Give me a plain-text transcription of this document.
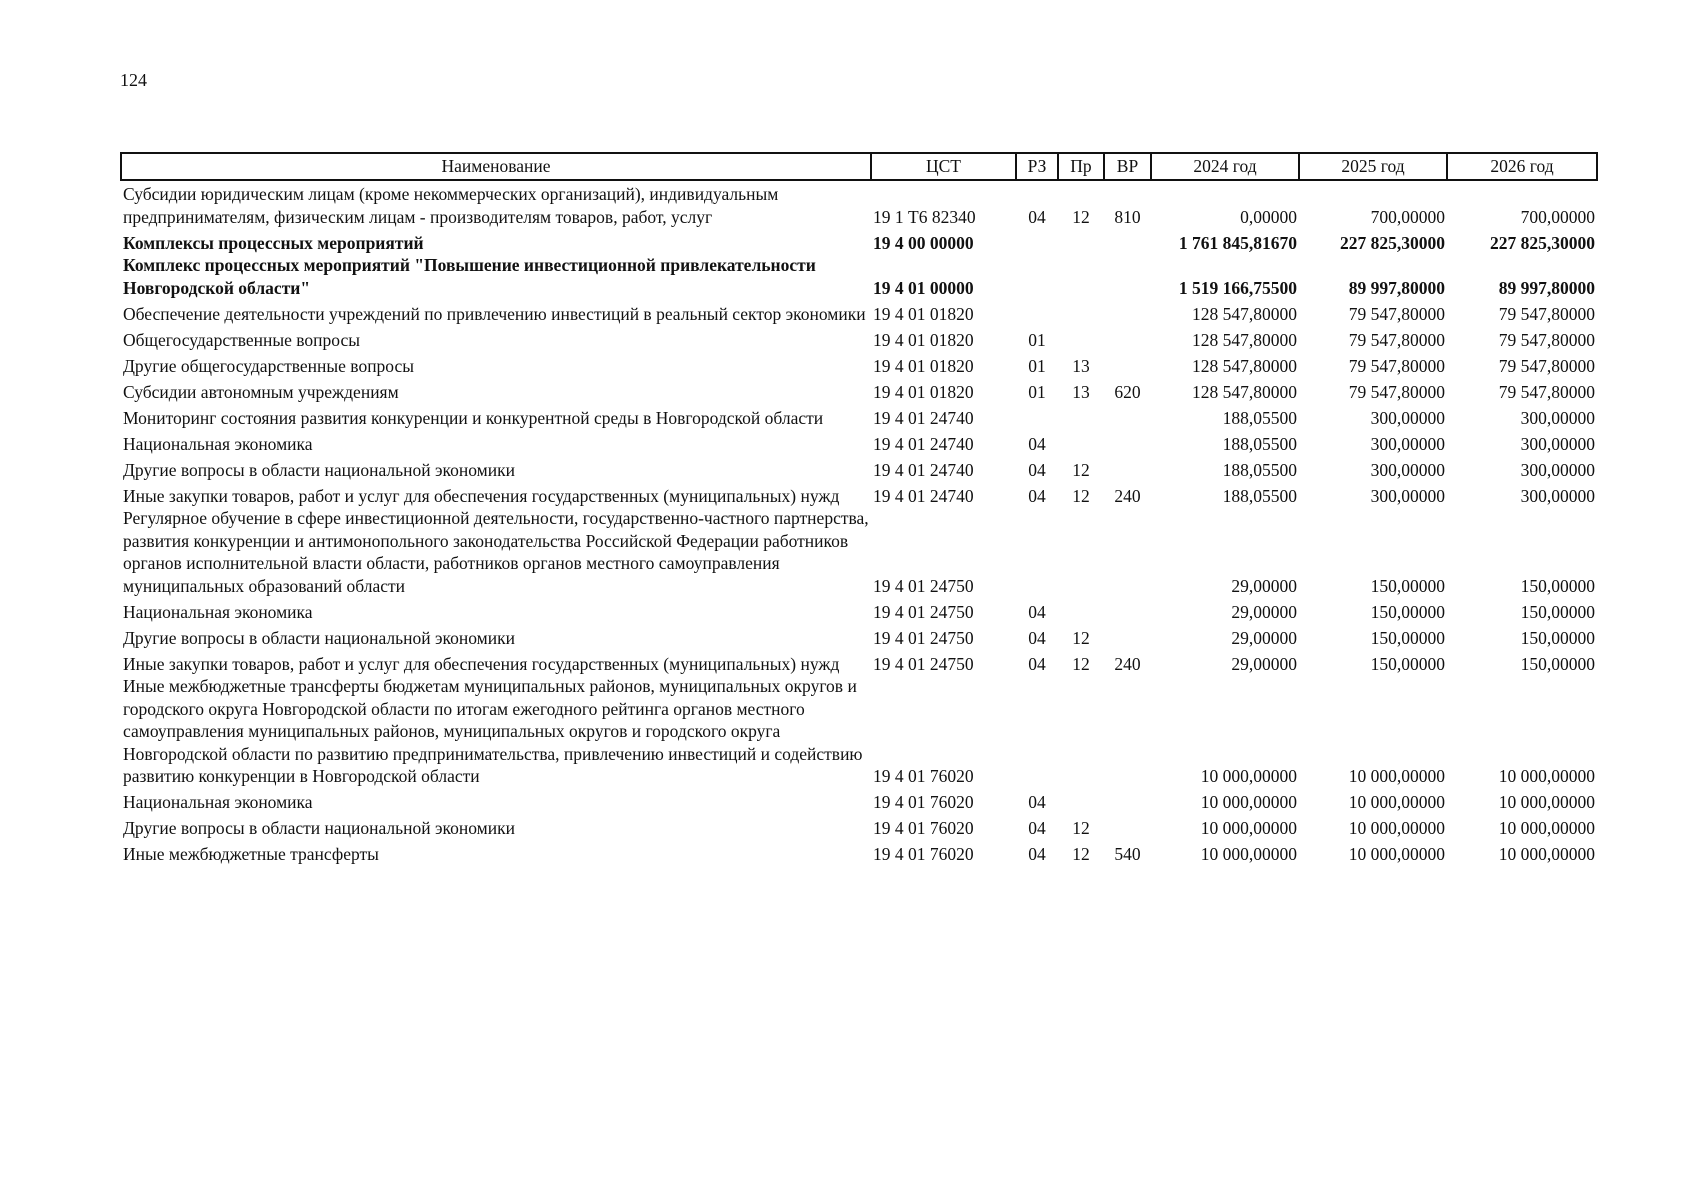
124
Наименование	ЦСТ	РЗ	Пр	ВР	2024 год	2025 год	2026 год
Субсидии юридическим лицам (кроме некоммерческих организаций), индивидуальным предпринимателям, физическим лицам - производителям товаров, работ, услуг	19 1 Т6 82340	04	12	810	0,00000	700,00000	700,00000
Комплексы процессных мероприятий	19 4 00 00000				1 761 845,81670	227 825,30000	227 825,30000
Комплекс процессных мероприятий "Повышение инвестиционной привлекательности Новгородской области"	19 4 01 00000				1 519 166,75500	89 997,80000	89 997,80000
Обеспечение деятельности учреждений по привлечению инвестиций в реальный сектор экономики	19 4 01 01820				128 547,80000	79 547,80000	79 547,80000
Общегосударственные вопросы	19 4 01 01820	01			128 547,80000	79 547,80000	79 547,80000
Другие общегосударственные вопросы	19 4 01 01820	01	13		128 547,80000	79 547,80000	79 547,80000
Субсидии автономным учреждениям	19 4 01 01820	01	13	620	128 547,80000	79 547,80000	79 547,80000
Мониторинг состояния развития конкуренции и конкурентной среды в Новгородской области	19 4 01 24740				188,05500	300,00000	300,00000
Национальная экономика	19 4 01 24740	04			188,05500	300,00000	300,00000
Другие вопросы в области национальной экономики	19 4 01 24740	04	12		188,05500	300,00000	300,00000
Иные закупки товаров, работ и услуг для обеспечения государственных (муниципальных) нужд	19 4 01 24740	04	12	240	188,05500	300,00000	300,00000
Регулярное обучение в сфере инвестиционной деятельности, государственно-частного партнерства, развития конкуренции и антимонопольного законодательства Российской Федерации работников органов исполнительной власти области, работников органов местного самоуправления муниципальных образований области	19 4 01 24750				29,00000	150,00000	150,00000
Национальная экономика	19 4 01 24750	04			29,00000	150,00000	150,00000
Другие вопросы в области национальной экономики	19 4 01 24750	04	12		29,00000	150,00000	150,00000
Иные закупки товаров, работ и услуг для обеспечения государственных (муниципальных) нужд	19 4 01 24750	04	12	240	29,00000	150,00000	150,00000
Иные межбюджетные трансферты бюджетам муниципальных районов, муниципальных округов и городского округа Новгородской области по итогам ежегодного рейтинга органов местного самоуправления муниципальных районов, муниципальных округов и городского округа Новгородской области по развитию предпринимательства, привлечению инвестиций и содействию развитию конкуренции в Новгородской области	19 4 01 76020				10 000,00000	10 000,00000	10 000,00000
Национальная экономика	19 4 01 76020	04			10 000,00000	10 000,00000	10 000,00000
Другие вопросы в области национальной экономики	19 4 01 76020	04	12		10 000,00000	10 000,00000	10 000,00000
Иные межбюджетные трансферты	19 4 01 76020	04	12	540	10 000,00000	10 000,00000	10 000,00000
